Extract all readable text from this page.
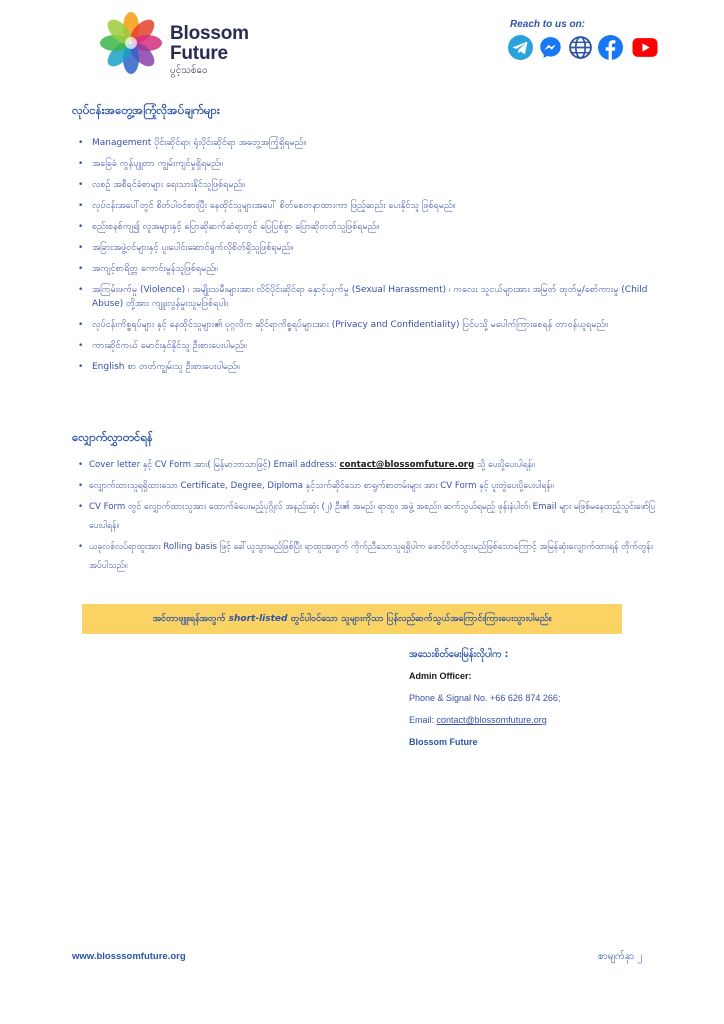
Blossom
Future
ပွင့်သစ်ဝေ
Reach to us on:
လုပ်ငန်းအတွေ့အကြုံလိုအပ်ချက်များ
• Management ပိုင်းဆိုင်ရာ၊ ရုံးပိုင်းဆိုင်ရာ အတွေ့အကြုံရှိရမည်။
• အခြေခံ ကွန်ပျူတာ ကျွမ်းကျင်မှုရှိရမည်။
• လစဉ် အစီရင်ခံစာများ ရေးသားနိုင်သူဖြစ်ရမည်။
• လုပ်ငန်းအပေါ်တွင် စိတ်ပါဝင်စားပြီး နေထိုင်သူများအပေါ် စိတ်စေတနာထားကာ ဖြည့်ဆည်း ပေးနိုင်သူ ဖြစ်ရမည်။
• စည်းစနစ်ကျ၍ လူအများနှင့် ပြောဆိုဆက်ဆံရာတွင် ပြေပြစ်စွာ ပြောဆိုတတ်သူဖြစ်ရမည်။
• အခြားအဖွဲ့ဝင်များနှင့် ပူးပေါင်းဆောင်ရွက်လိုစိတ်ရှိသူဖြစ်ရမည်။
• အကျင့်စာရိတ္တ ကောင်းမွန်သူဖြစ်ရမည်။
• အကြမ်းဖက်မှု (Violence) ၊ အမျိုးသမီးများအား လိင်ပိုင်းဆိုင်ရာ နှောင့်ယှက်မှု (Sexual Harassment) ၊ ကလေး သူငယ်များအား အမြတ် ထုတ်မှု/စော်ကားမှု (Child Abuse) တို့အား ကျူးလွန်မှုးသူမဖြစ်ရပါ။
• လုပ်ငန်းကိစ္စရပ်များ နှင့် နေထိုင်သူများ၏ ပုဂ္ဂလိက ဆိုင်ရာကိစ္စရပ်များအား (Privacy and Confidentiality) ပြင်ပသို့ မပေါက်ကြားစေရန် တာဝန်ယူရမည်။
• ကားဆိုင်ကယ် မောင်းနှင်နိုင်သူ ဦးစားပေးပါမည်။
• English စာ တတ်ကျွမ်းသူ ဦးစားပေးပါမည်။
လျှောက်လွှာတင်ရန်
• Cover letter နှင့် CV Form အား( မြန်မာဘာသာဖြင့်) Email address: contact@blossomfuture.org သို့ ပေးပို့ပေးပါရန်။
• လျှောက်ထားသူရရှိထားသော Certificate, Degree, Diploma နှင့်သက်ဆိုင်သော စာရွက်စာတမ်းများ အား CV Form နှင့် ပူးတွဲပေးပို့ပေးပါရန်။
• CV Form တွင် လျှောက်ထားသူအား ထောက်ခံပေးမည့်ပုဂ္ဂိုလ် အနည်းဆုံး (၂) ဦး၏ အမည်၊ ရာထူး၊ အဖွဲ့ အစည်း၊ ဆက်သွယ်ရမည့် ဖုန်းနံပါတ်၊ Email များ မဖြစ်မနေထည့်သွင်းဖော်ပြပေးပါရန်။
• ယခုလစ်လပ်ရာထူးအား Rolling basis ဖြင့် ခေါ်ယူသွားမည်ဖြစ်ပြီး ရာထူးအတွက် ကိုက်ညီသောသူရရှိပါက ဖောင်ပိတ်သွားမည်ဖြစ်သောကြောင့် အမြန်ဆုံးလျှောက်ထားရန် တိုက်တွန်းအပ်ပါသည်။
အင်တာဗျူးရန်အတွက် short-listed တွင်ပါဝင်သော သူများကိုသာ ပြန်လည်ဆက်သွယ်အကြောင်းကြားပေးသွားပါမည်။
အသေးစိတ်မေးမြန်းလိုပါက :
Admin Officer:
Phone & Signal No. +66 626 874 266;
Email: contact@blossomfuture.org
Blossom Future
www.blosssomfuture.org	စာမျက်နှာ ၂
